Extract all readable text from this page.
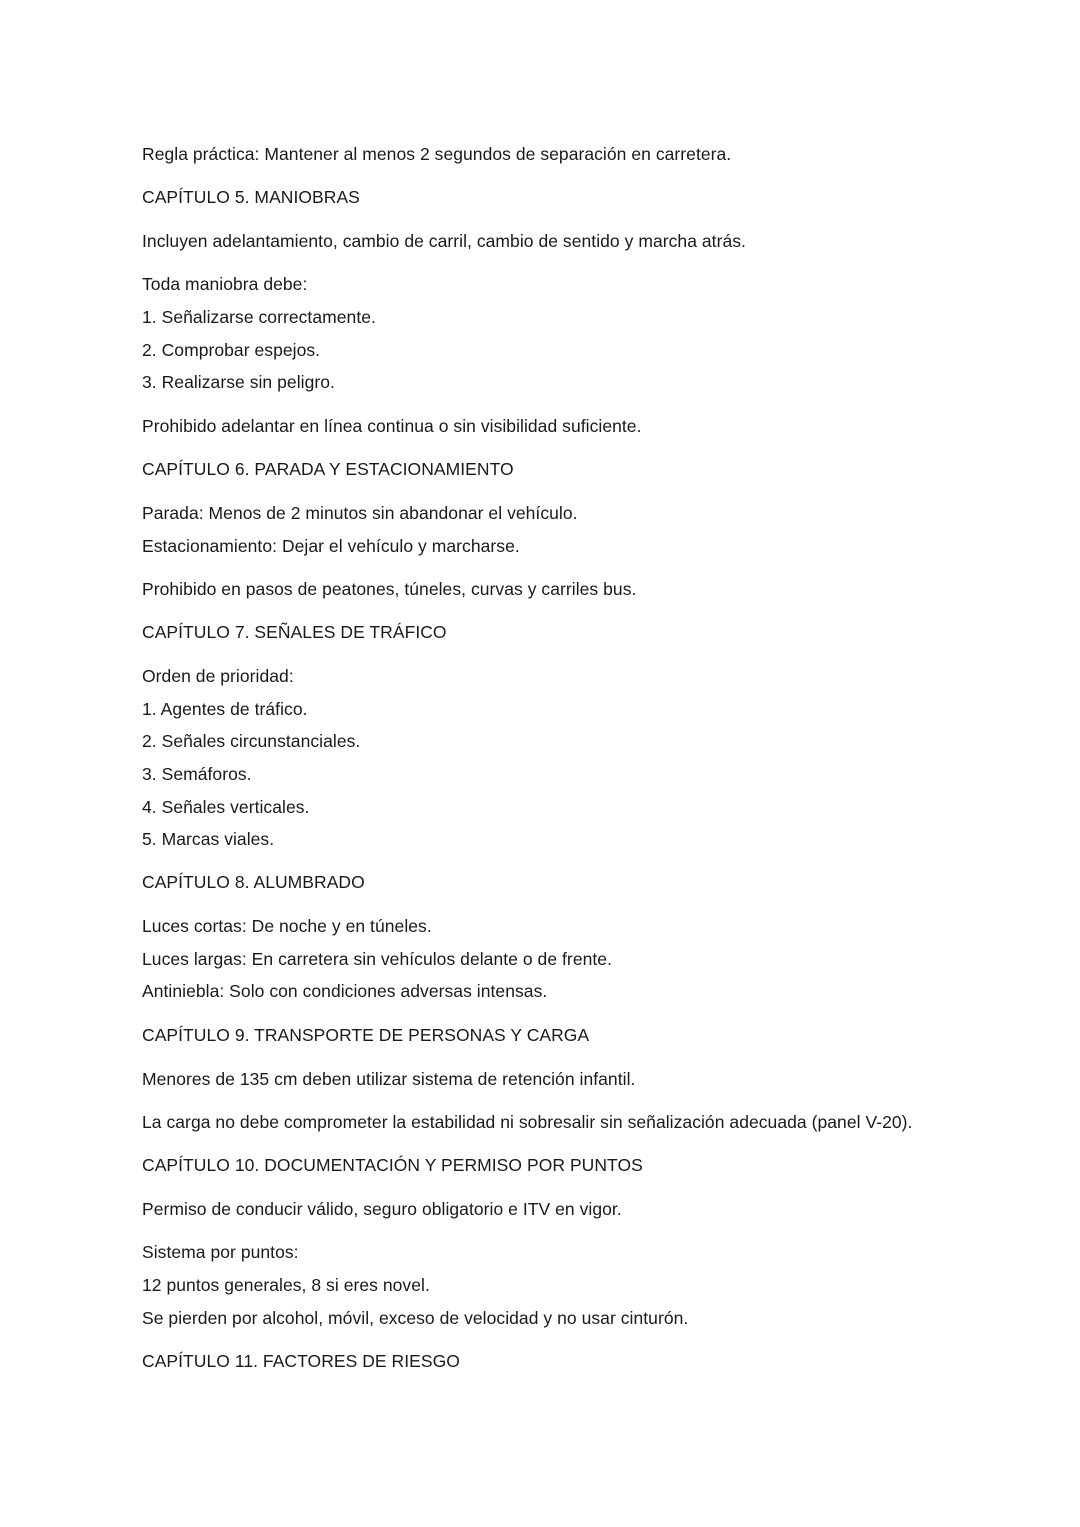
Regla práctica: Mantener al menos 2 segundos de separación en carretera.
CAPÍTULO 5. MANIOBRAS
Incluyen adelantamiento, cambio de carril, cambio de sentido y marcha atrás.
Toda maniobra debe:
1. Señalizarse correctamente.
2. Comprobar espejos.
3. Realizarse sin peligro.
Prohibido adelantar en línea continua o sin visibilidad suficiente.
CAPÍTULO 6. PARADA Y ESTACIONAMIENTO
Parada: Menos de 2 minutos sin abandonar el vehículo.
Estacionamiento: Dejar el vehículo y marcharse.
Prohibido en pasos de peatones, túneles, curvas y carriles bus.
CAPÍTULO 7. SEÑALES DE TRÁFICO
Orden de prioridad:
1. Agentes de tráfico.
2. Señales circunstanciales.
3. Semáforos.
4. Señales verticales.
5. Marcas viales.
CAPÍTULO 8. ALUMBRADO
Luces cortas: De noche y en túneles.
Luces largas: En carretera sin vehículos delante o de frente.
Antiniebla: Solo con condiciones adversas intensas.
CAPÍTULO 9. TRANSPORTE DE PERSONAS Y CARGA
Menores de 135 cm deben utilizar sistema de retención infantil.
La carga no debe comprometer la estabilidad ni sobresalir sin señalización adecuada (panel V-20).
CAPÍTULO 10. DOCUMENTACIÓN Y PERMISO POR PUNTOS
Permiso de conducir válido, seguro obligatorio e ITV en vigor.
Sistema por puntos:
12 puntos generales, 8 si eres novel.
Se pierden por alcohol, móvil, exceso de velocidad y no usar cinturón.
CAPÍTULO 11. FACTORES DE RIESGO
